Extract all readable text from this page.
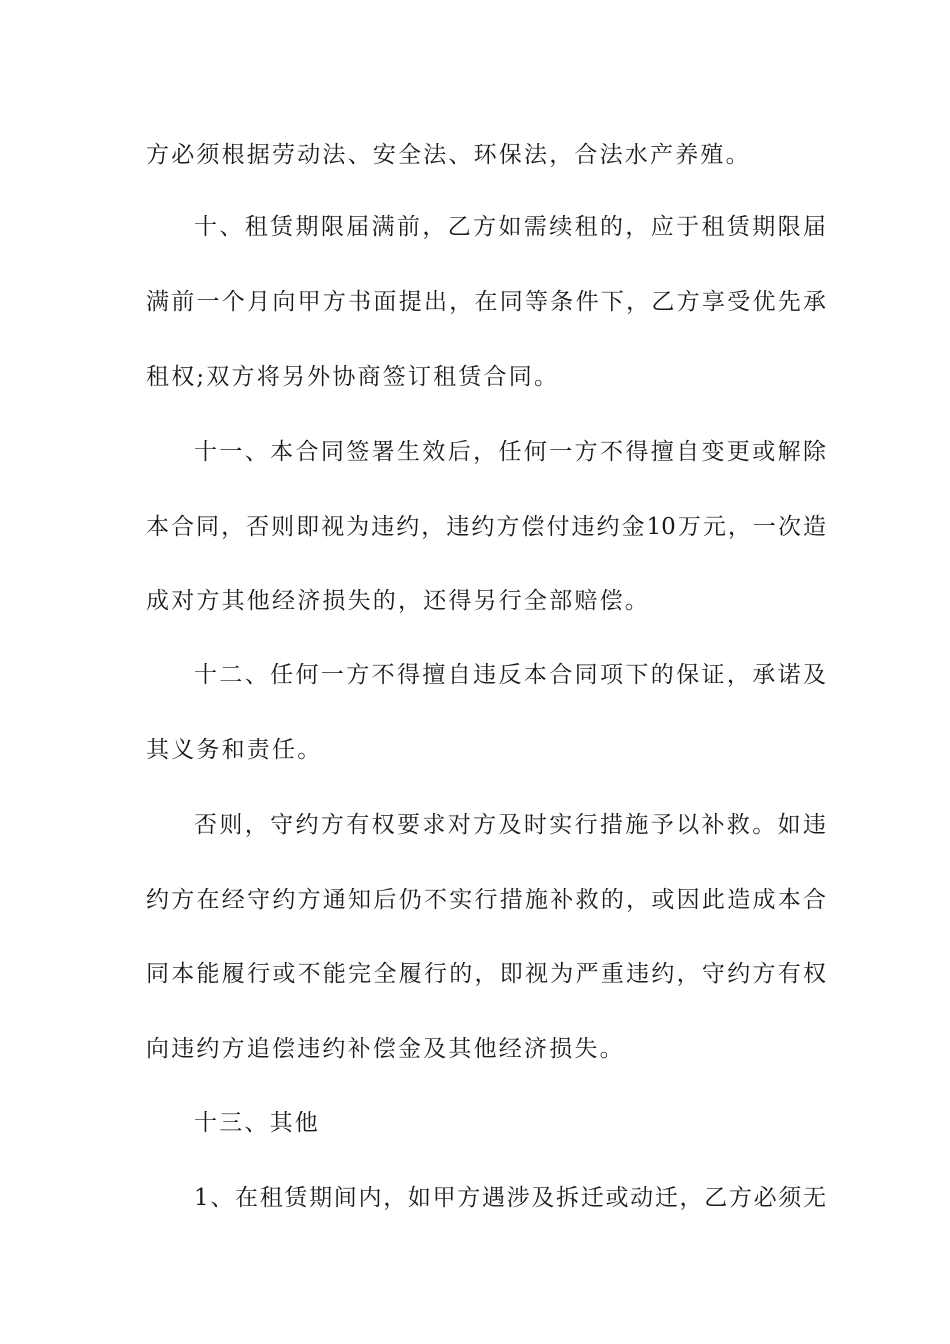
方必须根据劳动法、安全法、环保法，合法水产养殖。
十、租赁期限届满前，乙方如需续租的，应于租赁期限届
满前一个月向甲方书面提出，在同等条件下，乙方享受优先承
租权;双方将另外协商签订租赁合同。
十一、本合同签署生效后，任何一方不得擅自变更或解除
本合同，否则即视为违约，违约方偿付违约金10万元，一次造
成对方其他经济损失的，还得另行全部赔偿。
十二、任何一方不得擅自违反本合同项下的保证，承诺及
其义务和责任。
否则，守约方有权要求对方及时实行措施予以补救。如违
约方在经守约方通知后仍不实行措施补救的，或因此造成本合
同本能履行或不能完全履行的，即视为严重违约，守约方有权
向违约方追偿违约补偿金及其他经济损失。
十三、其他
1、在租赁期间内，如甲方遇涉及拆迁或动迁，乙方必须无
